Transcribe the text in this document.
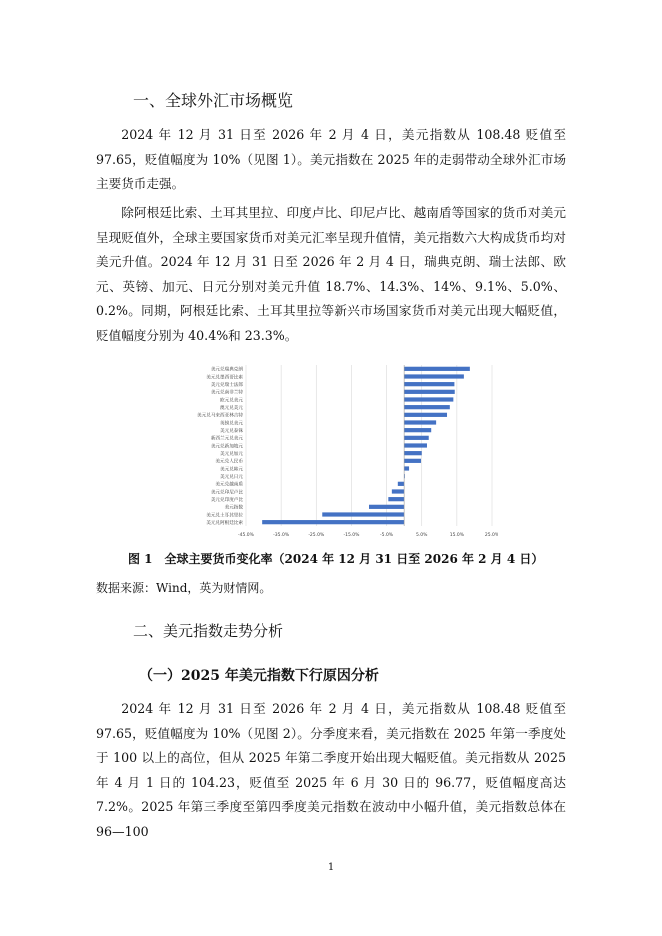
一、全球外汇市场概览

2024 年 12 月 31 日至 2026 年 2 月 4 日，美元指数从 108.48 贬值至 97.65，贬值幅度为 10%（见图 1）。美元指数在 2025 年的走弱带动全球外汇市场主要货币走强。

除阿根廷比索、土耳其里拉、印度卢比、印尼卢比、越南盾等国家的货币对美元呈现贬值外，全球主要国家货币对美元汇率呈现升值情，美元指数六大构成货币均对美元升值。2024 年 12 月 31 日至 2026 年 2 月 4 日，瑞典克朗、瑞士法郎、欧元、英镑、加元、日元分别对美元升值 18.7%、14.3%、14%、9.1%、5.0%、0.2%。同期，阿根廷比索、土耳其里拉等新兴市场国家货币对美元出现大幅贬值，贬值幅度分别为 40.4%和 23.3%。

-45.0%	-35.0%	-25.0%	-15.0%	-5.0%	5.0%	15.0%	25.0%
美元兑瑞典克朗
美元兑墨西哥比索
美元兑瑞士法郎
美元兑南非兰特
欧元兑美元
澳元兑美元
美元兑马来西亚林吉特
英镑兑美元
美元兑泰铢
新西兰元兑美元
美元兑新加坡元
美元兑加元
美元兑人民币
美元兑韩元
美元兑日元
美元兑越南盾
美元兑印尼卢比
美元兑印度卢比
美元指数
美元兑土耳其里拉
美元兑阿根廷比索
图 1　全球主要货币变化率（2024 年 12 月 31 日至 2026 年 2 月 4 日）
数据来源：Wind，英为财情网。
二、美元指数走势分析
（一）2025 年美元指数下行原因分析

2024 年 12 月 31 日至 2026 年 2 月 4 日，美元指数从 108.48 贬值至 97.65，贬值幅度为 10%（见图 2）。分季度来看，美元指数在 2025 年第一季度处于 100 以上的高位，但从 2025 年第二季度开始出现大幅贬值。美元指数从 2025 年 4 月 1 日的 104.23，贬值至 2025 年 6 月 30 日的 96.77，贬值幅度高达 7.2%。2025 年第三季度至第四季度美元指数在波动中小幅升值，美元指数总体在 96—100

1
